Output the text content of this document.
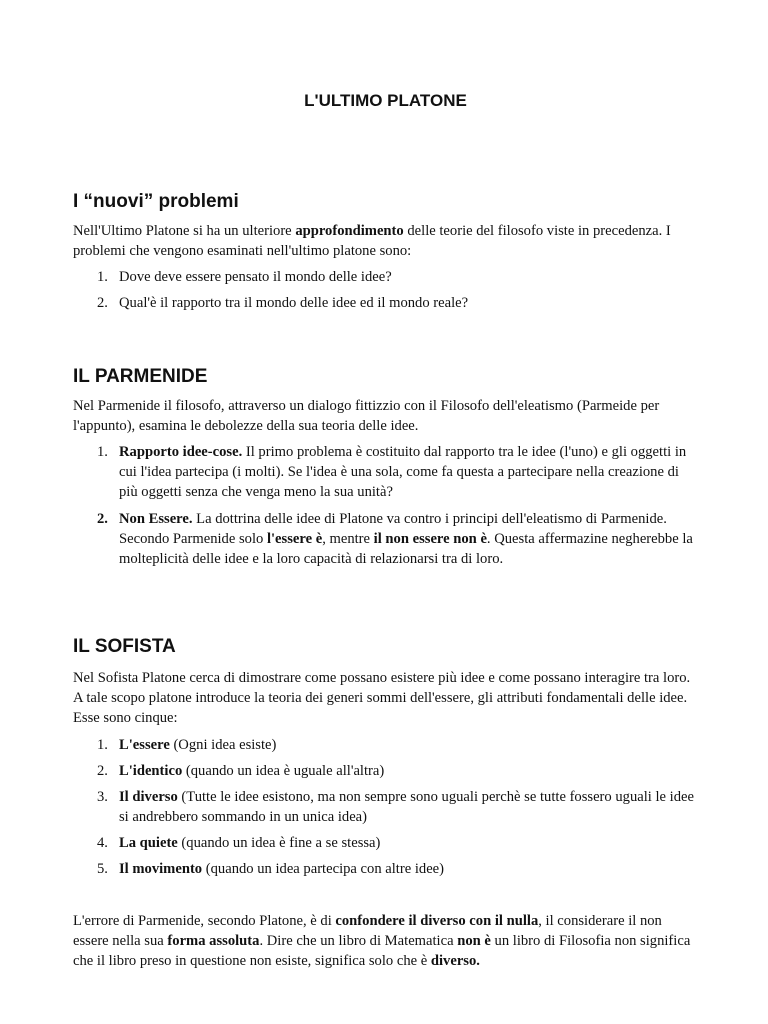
L'ULTIMO PLATONE
I “nuovi” problemi

Nell'Ultimo Platone si ha un ulteriore approfondimento delle teorie del filosofo viste in precedenza. I problemi che vengono esaminati nell'ultimo platone sono:

1. Dove deve essere pensato il mondo delle idee?
2. Qual'è il rapporto tra il mondo delle idee ed il mondo reale?
IL PARMENIDE

Nel Parmenide il filosofo, attraverso un dialogo fittizzio con il Filosofo dell'eleatismo (Parmeide per l'appunto), esamina le debolezze della sua teoria delle idee.

1. Rapporto idee-cose. Il primo problema è costituito dal rapporto tra le idee (l'uno) e gli oggetti in cui l'idea partecipa (i molti). Se l'idea è una sola, come fa questa a partecipare nella creazione di più oggetti senza che venga meno la sua unità?
2. Non Essere. La dottrina delle idee di Platone va contro i principi dell'eleatismo di Parmenide. Secondo Parmenide solo l'essere è, mentre il non essere non è. Questa affermazine negherebbe la molteplicità delle idee e la loro capacità di relazionarsi tra di loro.
IL SOFISTA

Nel Sofista Platone cerca di dimostrare come possano esistere più idee e come possano interagire tra loro. A tale scopo platone introduce la teoria dei generi sommi dell'essere, gli attributi fondamentali delle idee. Esse sono cinque:

1. L'essere (Ogni idea esiste)
2. L'identico (quando un idea è uguale all'altra)
3. Il diverso (Tutte le idee esistono, ma non sempre sono uguali perchè se tutte fossero uguali le idee si andrebbero sommando in un unica idea)
4. La quiete (quando un idea è fine a se stessa)
5. Il movimento (quando un idea partecipa con altre idee)

L'errore di Parmenide, secondo Platone, è di confondere il diverso con il nulla, il considerare il non essere nella sua forma assoluta. Dire che un libro di Matematica non è un libro di Filosofia non significa che il libro preso in questione non esiste, significa solo che è diverso.
